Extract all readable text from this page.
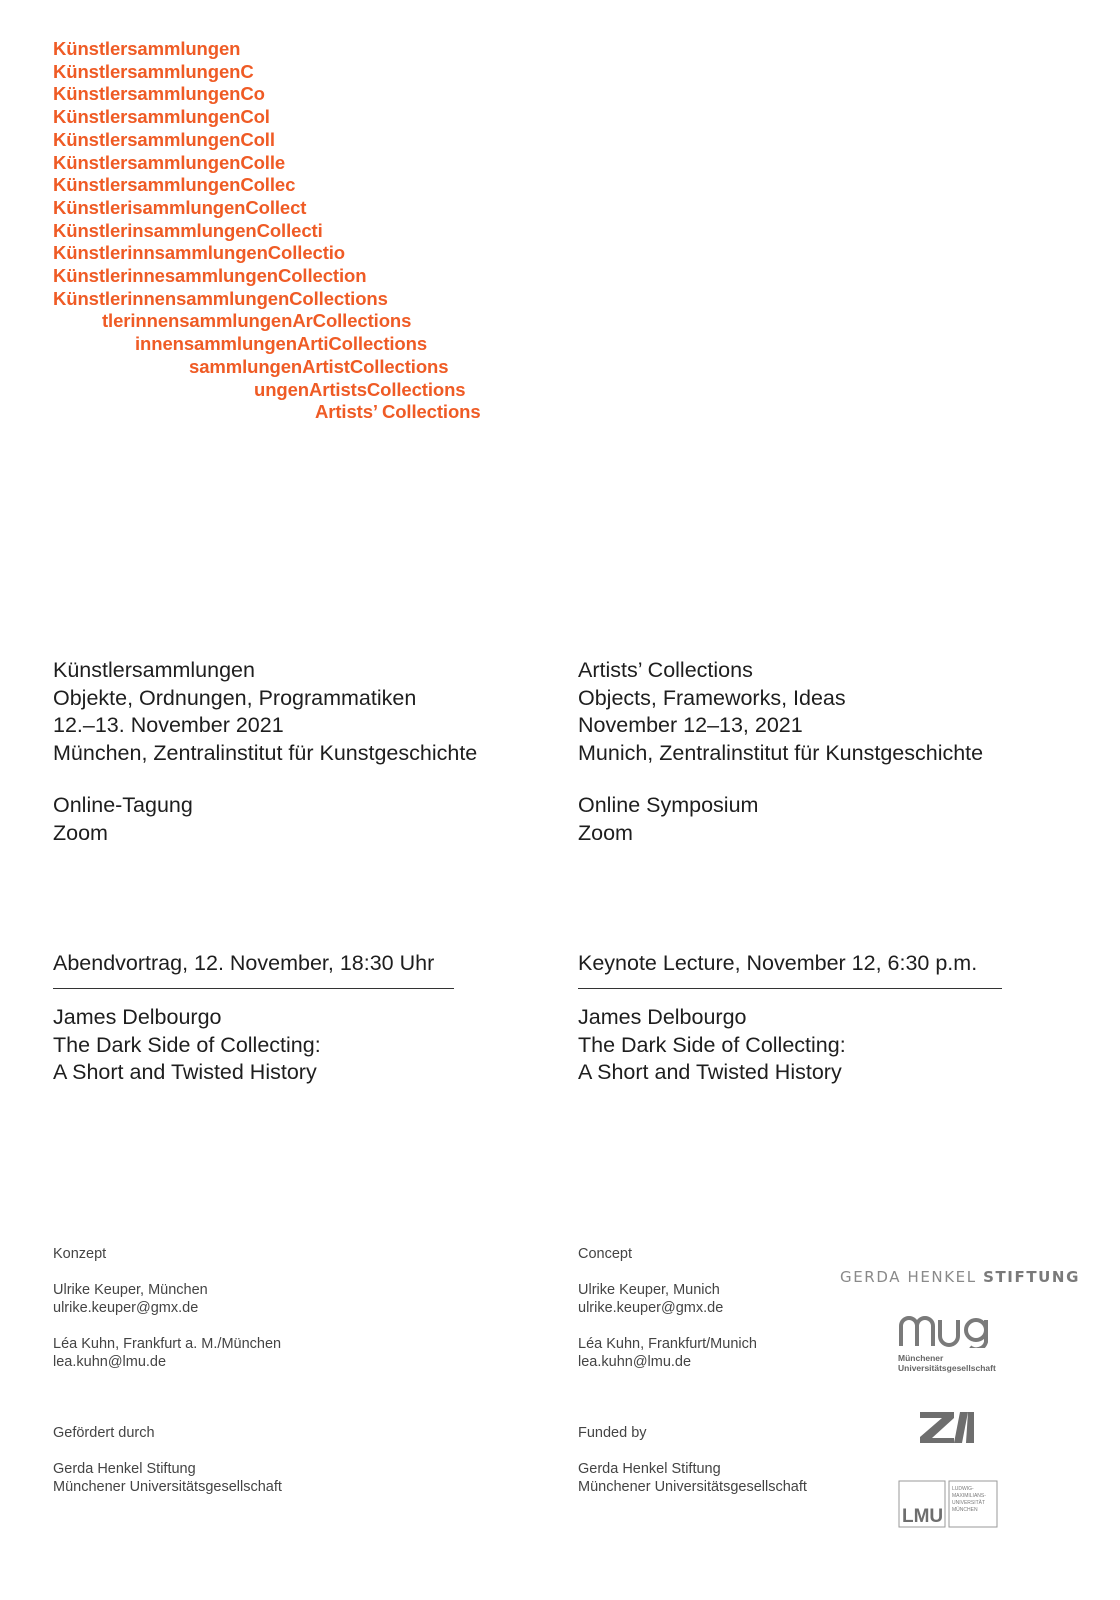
Künstlersammlungen
KünstlersammlungenC
KünstlersammlungenCo
KünstlersammlungenCol
KünstlersammlungenColl
KünstlersammlungenColle
KünstlersammlungenCollec
KünstlerisammlungenCollect
KünstlerinsammlungenCollecti
KünstlerinnsammlungenCollectio
KünstlerinnesammlungenCollection
KünstlerinnensammlungenCollections
tlerinnensammlungenArCollections
innensammlungenArtiCollections
sammlungenArtistCollections
ungenArtistsCollections
Artists’ Collections
Künstlersammlungen
Objekte, Ordnungen, Programmatiken
12.–13. November 2021
München, Zentralinstitut für Kunstgeschichte
Online-Tagung
Zoom
Abendvortrag, 12. November, 18:30 Uhr
James Delbourgo
The Dark Side of Collecting:
A Short and Twisted History
Konzept
Ulrike Keuper, München
ulrike.keuper@gmx.de
Léa Kuhn, Frankfurt a. M./München
lea.kuhn@lmu.de
Gefördert durch
Gerda Henkel Stiftung
Münchener Universitätsgesellschaft
Artists’ Collections
Objects, Frameworks, Ideas
November 12–13, 2021
Munich, Zentralinstitut für Kunstgeschichte
Online Symposium
Zoom
Keynote Lecture, November 12, 6:30 p.m.
James Delbourgo
The Dark Side of Collecting:
A Short and Twisted History
Concept
Ulrike Keuper, Munich
ulrike.keuper@gmx.de
Léa Kuhn, Frankfurt/Munich
lea.kuhn@lmu.de
Funded by
Gerda Henkel Stiftung
Münchener Universitätsgesellschaft
GERDA HENKEL STIFTUNG
Münchener
Universitätsgesellschaft
LMU
LUDWIG-
MAXIMILIANS-
UNIVERSITÄT
MÜNCHEN
